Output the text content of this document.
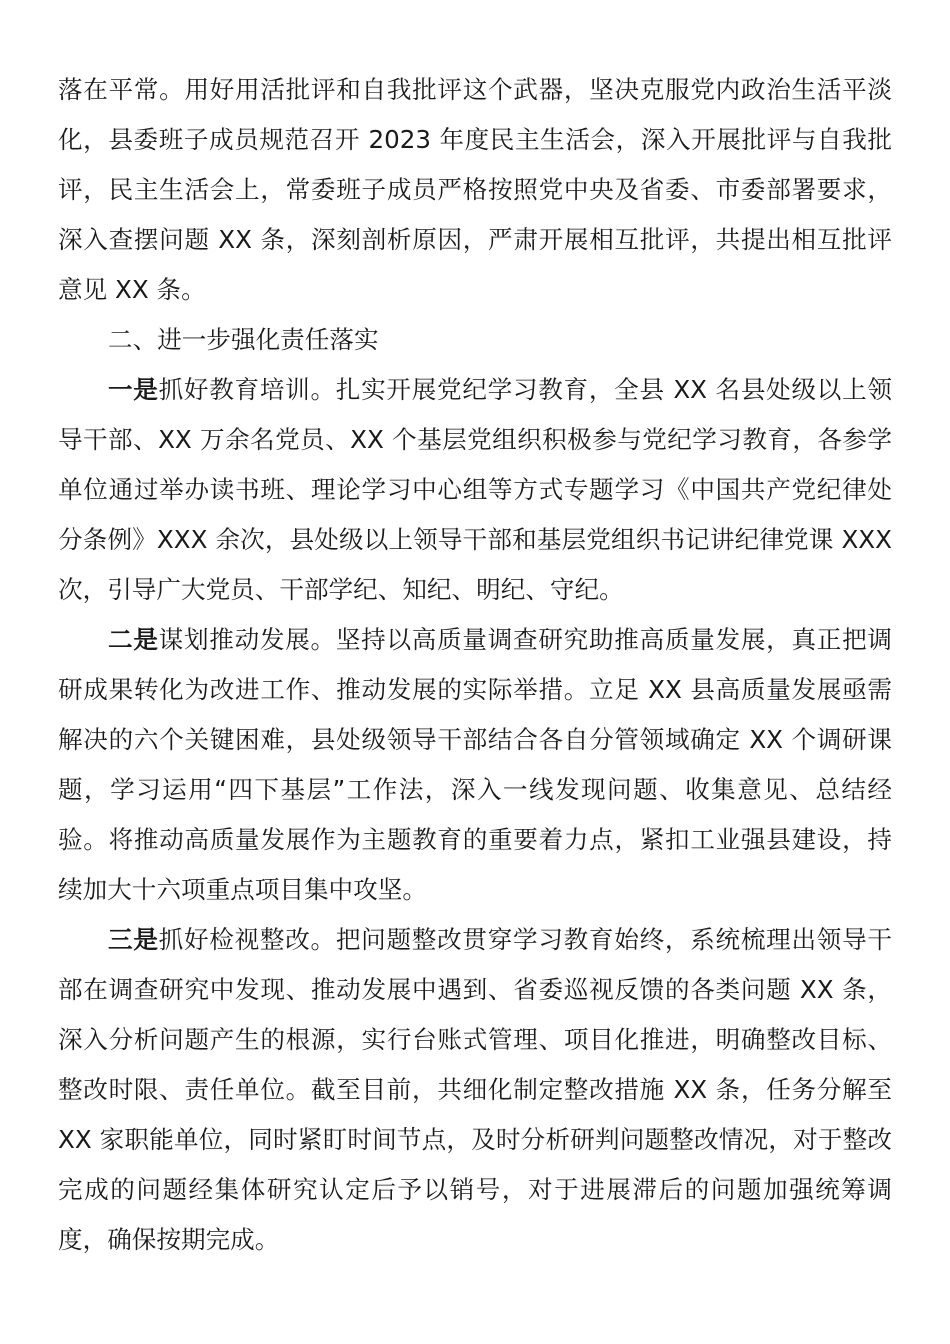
落在平常。用好用活批评和自我批评这个武器，坚决克服党内政治生活平淡
化，县委班子成员规范召开 2023 年度民主生活会，深入开展批评与自我批
评，民主生活会上，常委班子成员严格按照党中央及省委、市委部署要求，
深入查摆问题 XX 条，深刻剖析原因，严肃开展相互批评，共提出相互批评
意见 XX 条。
二、进一步强化责任落实
一是抓好教育培训。扎实开展党纪学习教育，全县 XX 名县处级以上领
导干部、XX 万余名党员、XX 个基层党组织积极参与党纪学习教育，各参学
单位通过举办读书班、理论学习中心组等方式专题学习《中国共产党纪律处
分条例》XXX 余次，县处级以上领导干部和基层党组织书记讲纪律党课 XXX
次，引导广大党员、干部学纪、知纪、明纪、守纪。
二是谋划推动发展。坚持以高质量调查研究助推高质量发展，真正把调
研成果转化为改进工作、推动发展的实际举措。立足 XX 县高质量发展亟需
解决的六个关键困难，县处级领导干部结合各自分管领域确定 XX 个调研课
题，学习运用“四下基层”工作法，深入一线发现问题、收集意见、总结经
验。将推动高质量发展作为主题教育的重要着力点，紧扣工业强县建设，持
续加大十六项重点项目集中攻坚。
三是抓好检视整改。把问题整改贯穿学习教育始终，系统梳理出领导干
部在调查研究中发现、推动发展中遇到、省委巡视反馈的各类问题 XX 条，
深入分析问题产生的根源，实行台账式管理、项目化推进，明确整改目标、
整改时限、责任单位。截至目前，共细化制定整改措施 XX 条，任务分解至
XX 家职能单位，同时紧盯时间节点，及时分析研判问题整改情况，对于整改
完成的问题经集体研究认定后予以销号，对于进展滞后的问题加强统筹调
度，确保按期完成。
